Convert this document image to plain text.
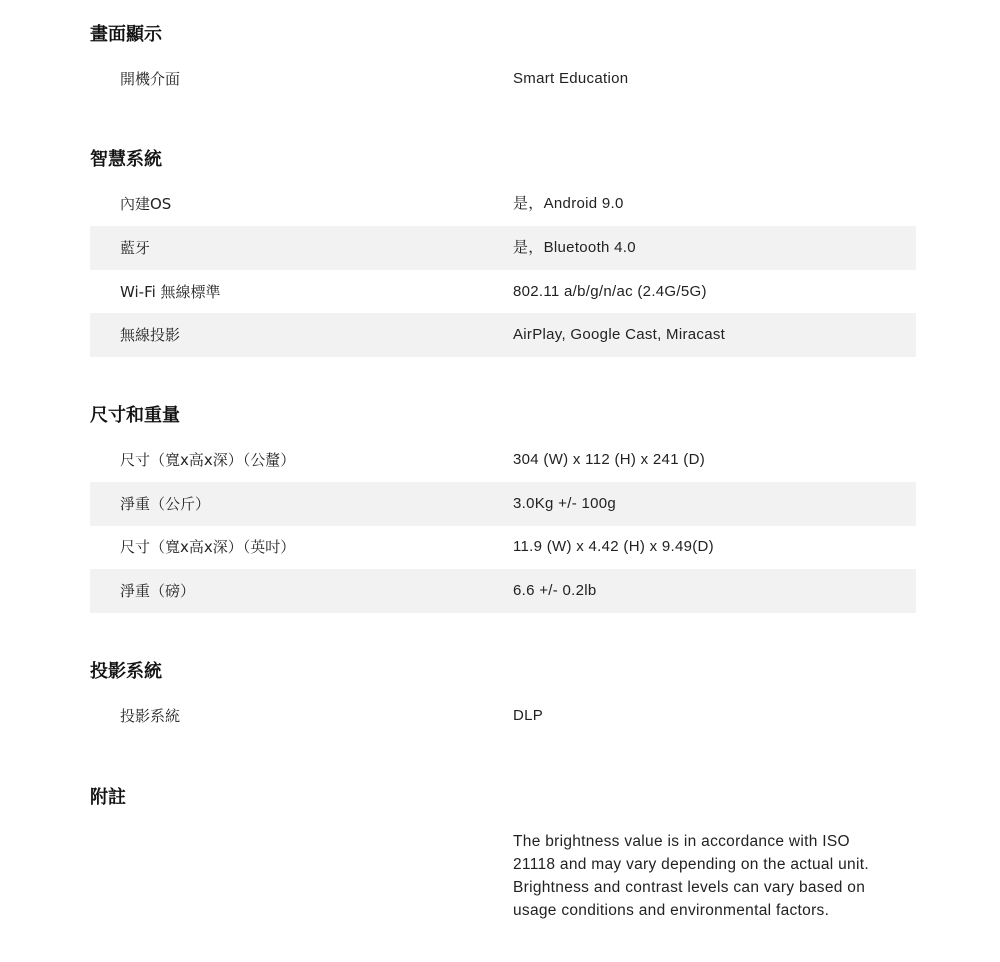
畫面顯示
開機介面	Smart Education
智慧系統
內建OS	是，Android 9.0
藍牙	是，Bluetooth 4.0
Wi-Fi 無線標準	802.11 a/b/g/n/ac (2.4G/5G)
無線投影	AirPlay, Google Cast, Miracast
尺寸和重量
尺寸（寬x高x深）（公釐）	304 (W) x 112 (H) x 241 (D)
淨重（公斤）	3.0Kg +/- 100g
尺寸（寬x高x深）（英吋）	11.9 (W) x 4.42 (H) x 9.49(D)
淨重（磅）	6.6 +/- 0.2lb
投影系統
投影系統	DLP
附註
The brightness value is in accordance with ISO
21118 and may vary depending on the actual unit.
Brightness and contrast levels can vary based on
usage conditions and environmental factors.
